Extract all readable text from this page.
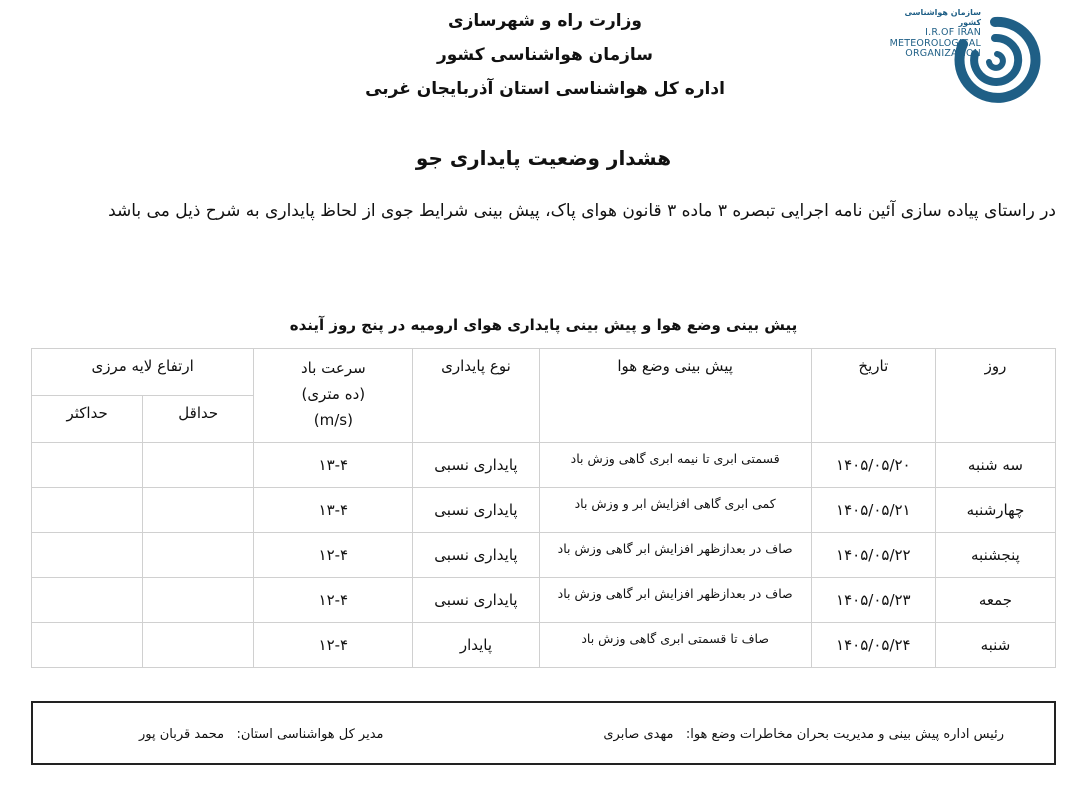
وزارت راه و شهرسازی
سازمان هواشناسی کشور
اداره کل هواشناسی استان آذربایجان غربی
سازمان هواشناسی کشور
I.R.OF IRAN
METEOROLOGICAL
ORGANIZATION
هشدار وضعیت پایداری جو
در راستای پیاده سازی آئین نامه اجرایی تبصره ۳ ماده ۳ قانون هوای پاک، پیش بینی شرایط جوی از لحاظ پایداری به شرح ذیل می باشد
پیش بینی وضع هوا و پیش بینی پایداری هوای ارومیه در پنج روز آینده
روز	تاریخ	پیش بینی وضع هوا	نوع پایداری	سرعت باد
(ده متری)
(m/s)	ارتفاع لایه مرزی	
					حداقل	حداکثر
سه شنبه	۱۴۰۵/۰۵/۲۰	قسمتی ابری تا نیمه ابری گاهی وزش باد	پایداری نسبی	۱۳-۴		
چهارشنبه	۱۴۰۵/۰۵/۲۱	کمی ابری گاهی افزایش ابر و وزش باد	پایداری نسبی	۱۳-۴		
پنجشنبه	۱۴۰۵/۰۵/۲۲	صاف در بعدازظهر افزایش ابر گاهی وزش باد	پایداری نسبی	۱۲-۴		
جمعه	۱۴۰۵/۰۵/۲۳	صاف در بعدازظهر افزایش ابر گاهی وزش باد	پایداری نسبی	۱۲-۴		
شنبه	۱۴۰۵/۰۵/۲۴	صاف تا قسمتی ابری گاهی وزش باد	پایدار	۱۲-۴		
رئیس اداره پیش بینی و مدیریت بحران مخاطرات وضع هوا:   مهدی صابری
مدیر کل هواشناسی استان:   محمد قربان پور
